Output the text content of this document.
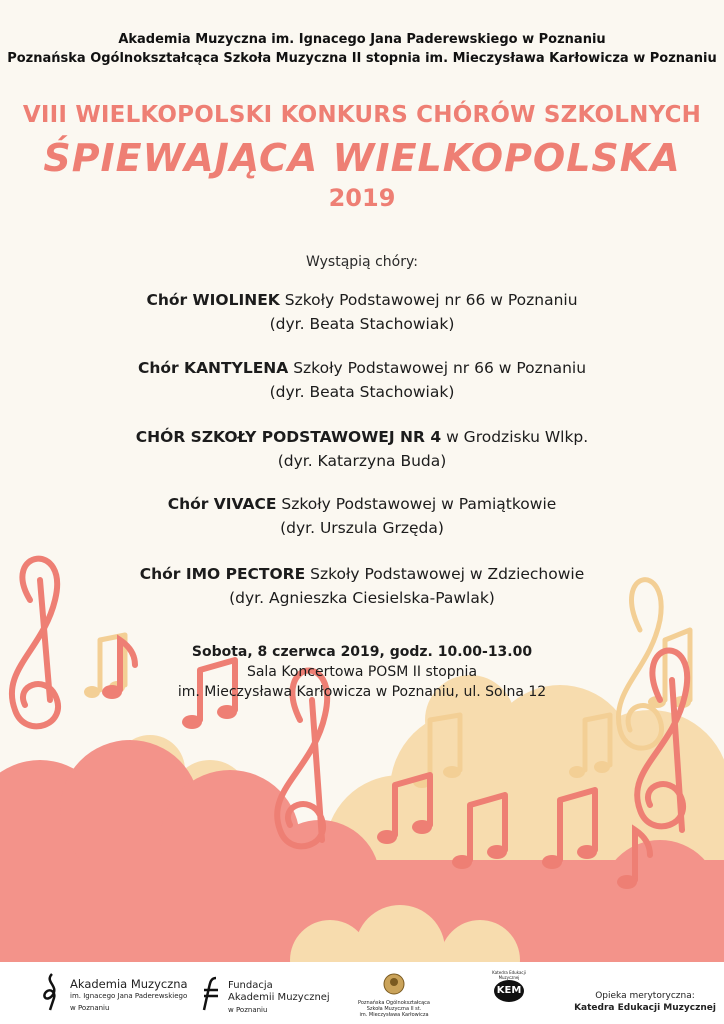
Akademia Muzyczna im. Ignacego Jana Paderewskiego w Poznaniu
Poznańska Ogólnokształcąca Szkoła Muzyczna II stopnia im. Mieczysława Karłowicza w Poznaniu
VIII WIELKOPOLSKI KONKURS CHÓRÓW SZKOLNYCH
ŚPIEWAJĄCA WIELKOPOLSKA
2019
Wystąpią chóry:
Chór WIOLINEK Szkoły Podstawowej nr 66 w Poznaniu
(dyr. Beata Stachowiak)
Chór KANTYLENA Szkoły Podstawowej nr 66 w Poznaniu
(dyr. Beata Stachowiak)
CHÓR SZKOŁY PODSTAWOWEJ NR 4 w Grodzisku Wlkp.
(dyr. Katarzyna Buda)
Chór VIVACE Szkoły Podstawowej w Pamiątkowie
(dyr. Urszula Grzęda)
Chór IMO PECTORE Szkoły Podstawowej w Zdziechowie
(dyr. Agnieszka Ciesielska-Pawlak)
Sobota, 8 czerwca 2019, godz. 10.00-13.00
Sala Koncertowa POSM II stopnia
im. Mieczysława Karłowicza w Poznaniu, ul. Solna 12
Akademia Muzyczna
im. Ignacego Jana Paderewskiego
w Poznaniu
Fundacja
Akademii Muzycznej
w Poznaniu
Poznańska Ogólnokształcąca
Szkoła Muzyczna II st.
im. Mieczysława Karłowicza
Katedra Edukacji Muzycznej
KEM	Opieka merytoryczna:
Katedra Edukacji Muzycznej
